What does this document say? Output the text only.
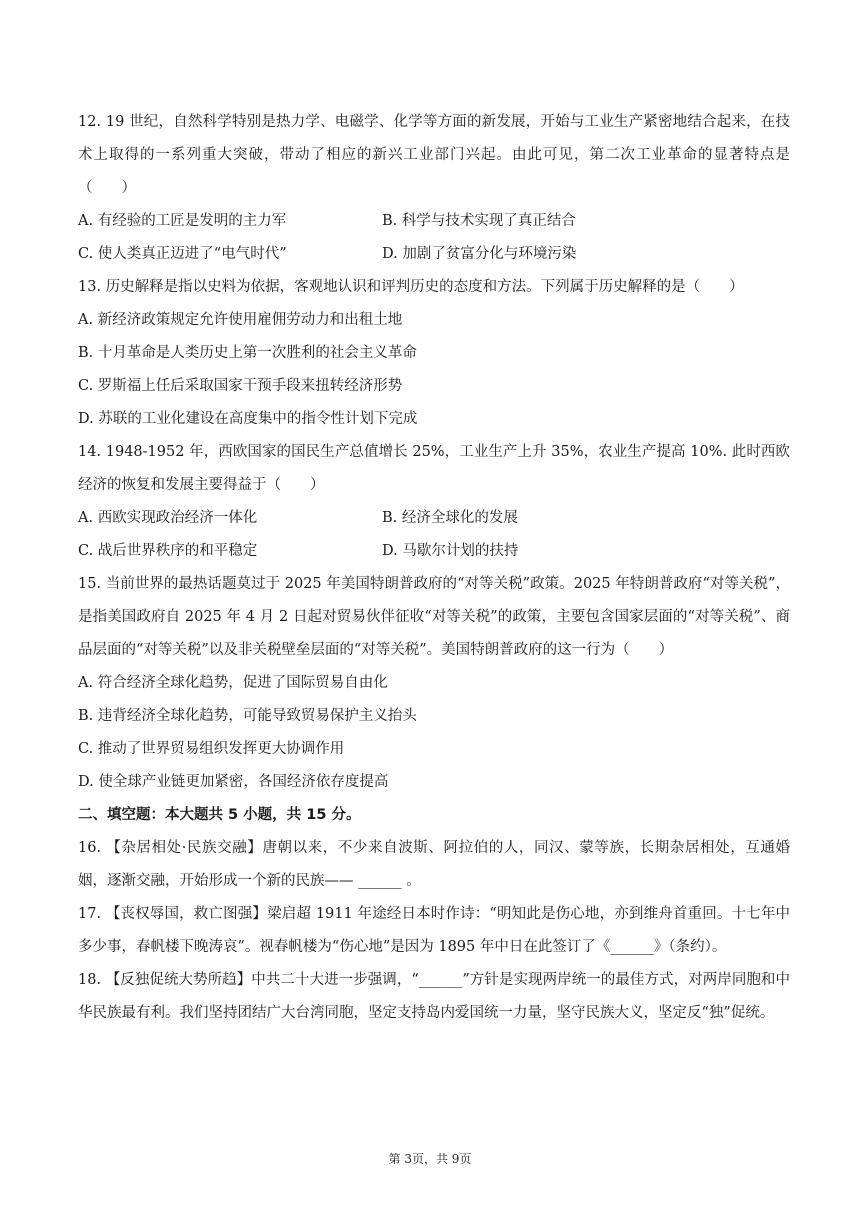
12. 19 世纪，自然科学特别是热力学、电磁学、化学等方面的新发展，开始与工业生产紧密地结合起来，在技术上取得的一系列重大突破，带动了相应的新兴工业部门兴起。由此可见，第二次工业革命的显著特点是（　　）

A. 有经验的工匠是发明的主力军	B. 科学与技术实现了真正结合
C. 使人类真正迈进了“电气时代”	D. 加剧了贫富分化与环境污染

13. 历史解释是指以史料为依据，客观地认识和评判历史的态度和方法。下列属于历史解释的是（　　）

A. 新经济政策规定允许使用雇佣劳动力和出租土地
B. 十月革命是人类历史上第一次胜利的社会主义革命
C. 罗斯福上任后采取国家干预手段来扭转经济形势
D. 苏联的工业化建设在高度集中的指令性计划下完成

14. 1948-1952 年，西欧国家的国民生产总值增长 25%，工业生产上升 35%，农业生产提高 10%. 此时西欧经济的恢复和发展主要得益于（　　）

A. 西欧实现政治经济一体化	B. 经济全球化的发展
C. 战后世界秩序的和平稳定	D. 马歇尔计划的扶持

15. 当前世界的最热话题莫过于 2025 年美国特朗普政府的“对等关税”政策。2025 年特朗普政府“对等关税”，是指美国政府自 2025 年 4 月 2 日起对贸易伙伴征收“对等关税”的政策，主要包含国家层面的“对等关税”、商品层面的“对等关税”以及非关税壁垒层面的“对等关税”。美国特朗普政府的这一行为（　　）

A. 符合经济全球化趋势，促进了国际贸易自由化
B. 违背经济全球化趋势，可能导致贸易保护主义抬头
C. 推动了世界贸易组织发挥更大协调作用
D. 使全球产业链更加紧密，各国经济依存度提高
二、填空题：本大题共 5 小题，共 15 分。

16. 【杂居相处·民族交融】唐朝以来，不少来自波斯、阿拉伯的人，同汉、蒙等族，长期杂居相处，互通婚姻，逐渐交融，开始形成一个新的民族—— ______ 。

17. 【丧权辱国，救亡图强】梁启超 1911 年途经日本时作诗：“明知此是伤心地，亦到维舟首重回。十七年中多少事，春帆楼下晚涛哀”。视春帆楼为“伤心地”是因为 1895 年中日在此签订了《______》（条约）。

18. 【反独促统大势所趋】中共二十大进一步强调，“______”方针是实现两岸统一的最佳方式，对两岸同胞和中华民族最有利。我们坚持团结广大台湾同胞，坚定支持岛内爱国统一力量，坚守民族大义，坚定反“独”促统。

第 3页，共 9页
